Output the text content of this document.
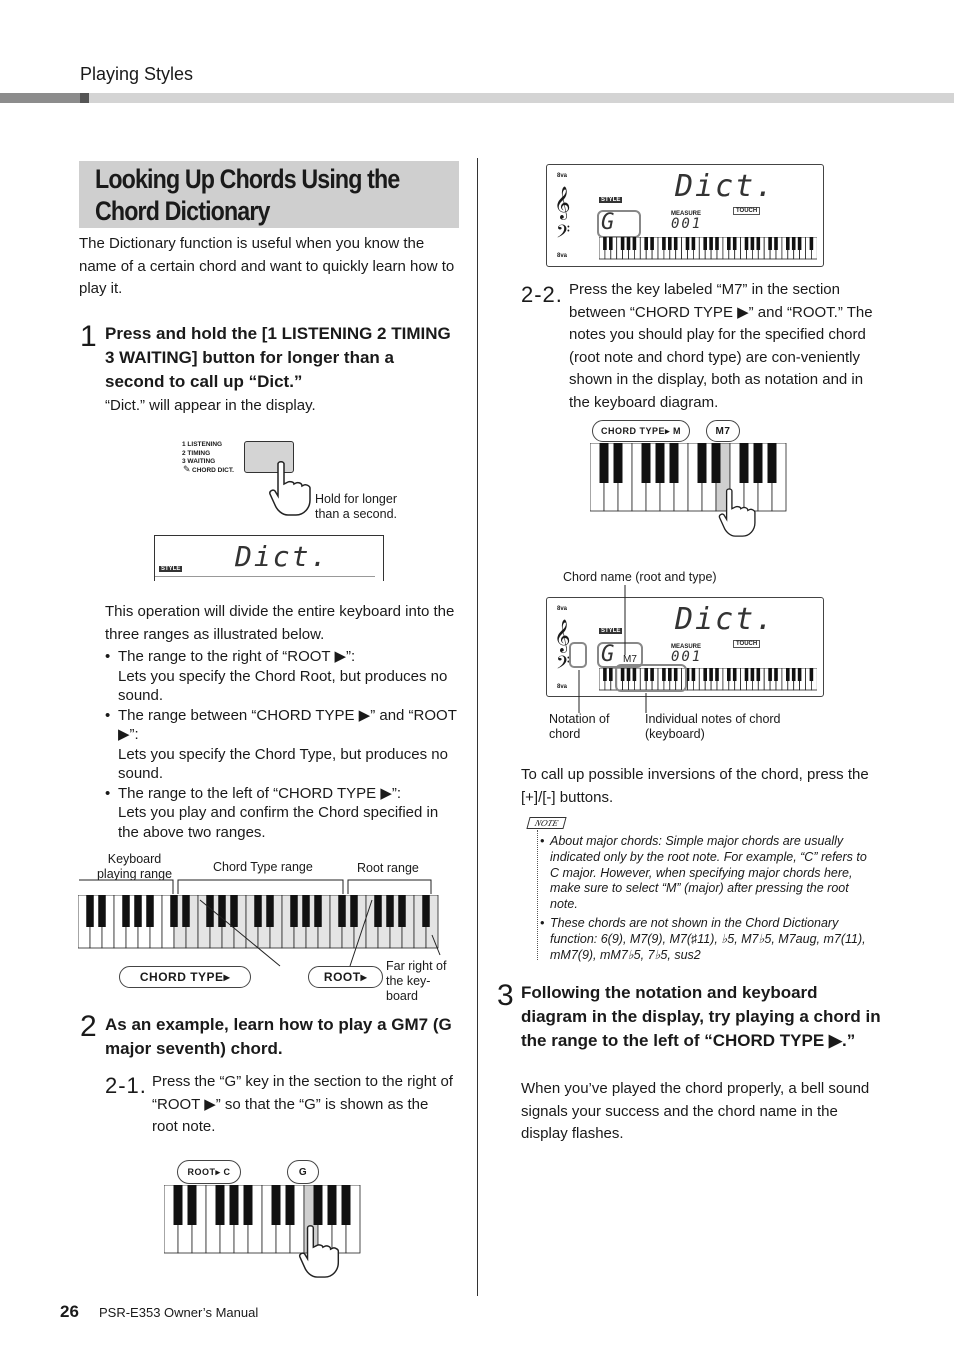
Playing Styles
Looking Up Chords Using the
Chord Dictionary
The Dictionary function is useful when you know the name of a certain chord and want to quickly learn how to play it.
1 Press and hold the [1 LISTENING 2 TIMING 3 WAITING] button for longer than a second to call up “Dict.”
“Dict.” will appear in the display.
1 LISTENING
2 TIMING
3 WAITING
CHORD DICT.
✎
Hold for longer than a second.
STYLE Dict.
This operation will divide the entire keyboard into the three ranges as illustrated below.
• The range to the right of “ROOT ▶”:
Lets you specify the Chord Root, but produces no sound.
• The range between “CHORD TYPE ▶” and “ROOT ▶”:
Lets you specify the Chord Type, but produces no sound.
• The range to the left of “CHORD TYPE ▶”:
Lets you play and confirm the Chord specified in the above two ranges.
Keyboard playing range	Chord Type range	Root range
CHORD TYPE▸	ROOT▸
Far right of the key-board
2 As an example, learn how to play a GM7 (G major seventh) chord.
2-1. Press the “G” key in the section to the right of “ROOT ▶” so that the “G” is shown as the root note.
ROOT▸ C	G
8va
8va
𝄞
𝄢
STYLE Dict.
G	MEASURE
001
TOUCH
2-2. Press the key labeled “M7” in the section between “CHORD TYPE ▶” and “ROOT.” The notes you should play for the specified chord (root note and chord type) are con-veniently shown in the display, both as notation and in the keyboard diagram.
CHORD TYPE▸ M	M7
Chord name (root and type)
8va
8va
𝄞
𝄢
STYLE Dict.
G M7
MEASURE
001
TOUCH
Notation of chord
Individual notes of chord (keyboard)
To call up possible inversions of the chord, press the [+]/[-] buttons.
NOTE
• About major chords: Simple major chords are usually indicated only by the root note. For example, “C” refers to C major. However, when specifying major chords here, make sure to select “M” (major) after pressing the root note.
• These chords are not shown in the Chord Dictionary function: 6(9), M7(9), M7(♯11), ♭5, M7♭5, M7aug, m7(11), mM7(9), mM7♭5, 7♭5, sus2
3 Following the notation and keyboard diagram in the display, try playing a chord in the range to the left of “CHORD TYPE ▶.”
When you’ve played the chord properly, a bell sound signals your success and the chord name in the display flashes.
26 PSR-E353 Owner’s Manual
